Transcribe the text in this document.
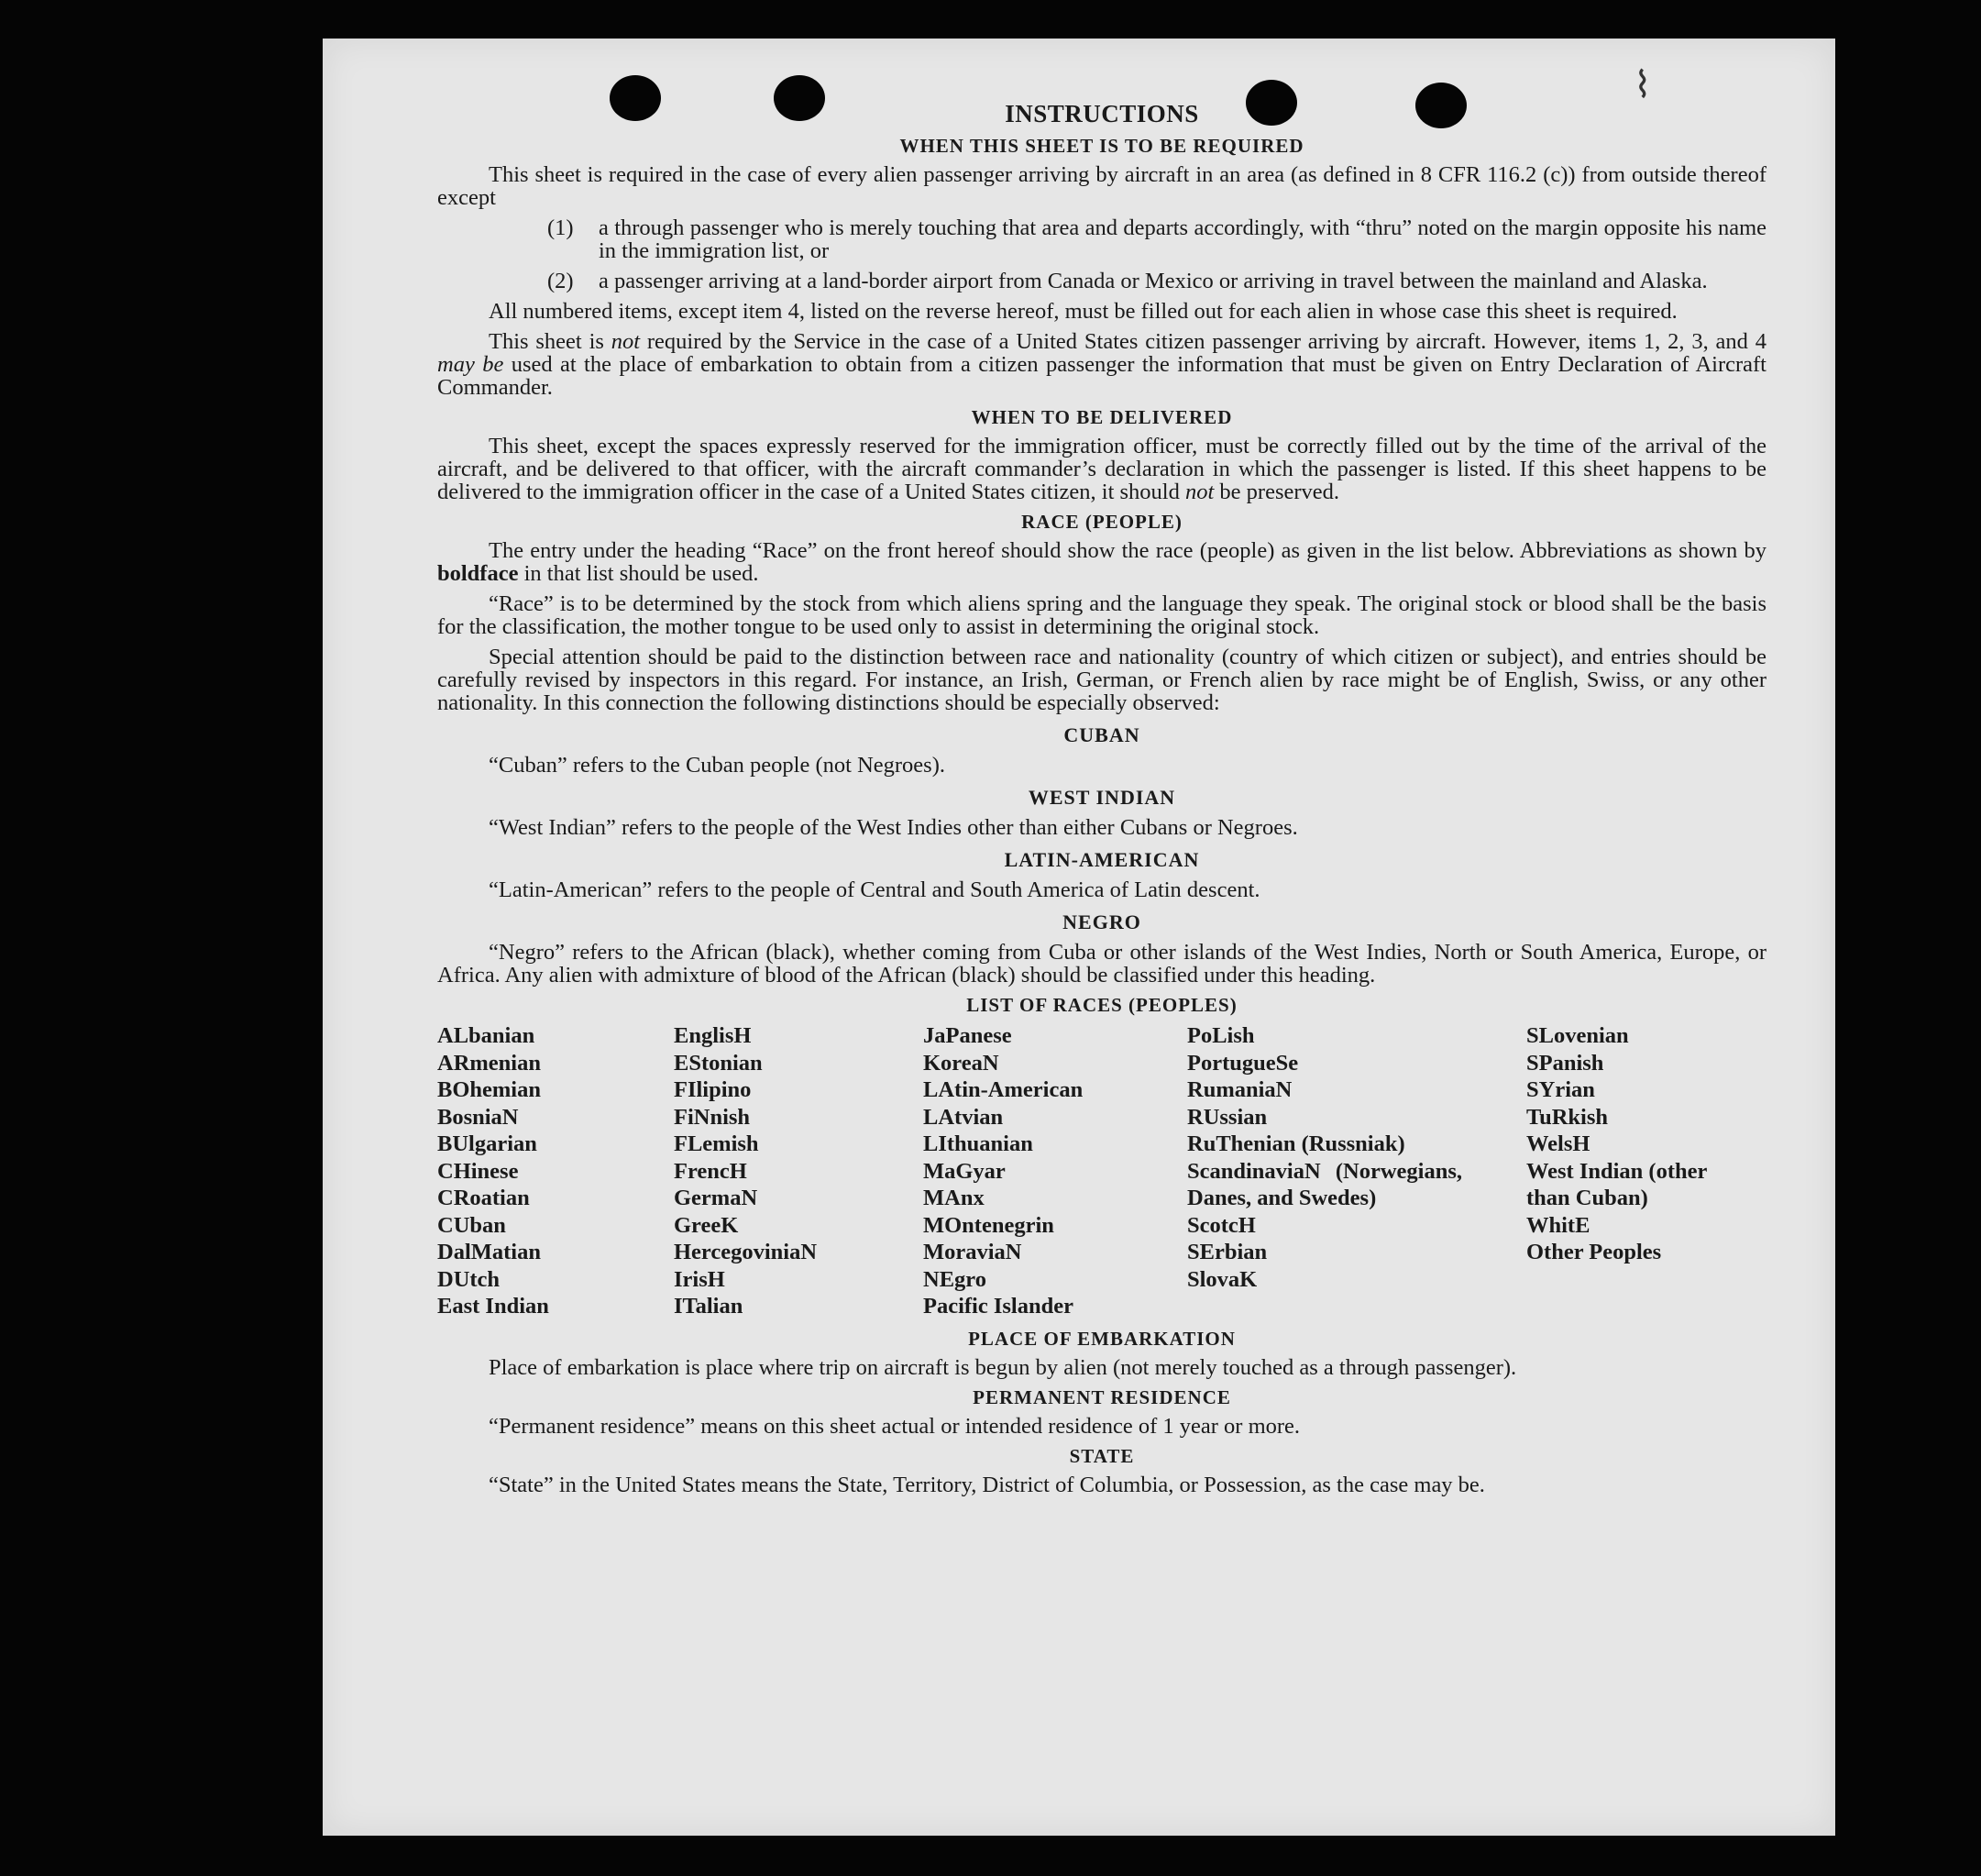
⌇
INSTRUCTIONS
WHEN THIS SHEET IS TO BE REQUIRED

This sheet is required in the case of every alien passenger arriving by aircraft in an area (as defined in 8 CFR 116.2 (c)) from outside thereof except

(1)	a through passenger who is merely touching that area and departs accordingly, with “thru” noted on the margin opposite his name in the immigration list, or
(2)	a passenger arriving at a land-border airport from Canada or Mexico or arriving in travel between the mainland and Alaska.

All numbered items, except item 4, listed on the reverse hereof, must be filled out for each alien in whose case this sheet is required.

This sheet is not required by the Service in the case of a United States citizen passenger arriving by aircraft. However, items 1, 2, 3, and 4 may be used at the place of embarkation to obtain from a citizen passenger the information that must be given on Entry Declaration of Aircraft Commander.

WHEN TO BE DELIVERED

This sheet, except the spaces expressly reserved for the immigration officer, must be correctly filled out by the time of the arrival of the aircraft, and be delivered to that officer, with the aircraft commander’s declaration in which the passenger is listed. If this sheet happens to be delivered to the immigration officer in the case of a United States citizen, it should not be preserved.

RACE (PEOPLE)

The entry under the heading “Race” on the front hereof should show the race (people) as given in the list below. Abbreviations as shown by boldface in that list should be used.

“Race” is to be determined by the stock from which aliens spring and the language they speak. The original stock or blood shall be the basis for the classification, the mother tongue to be used only to assist in determining the original stock.

Special attention should be paid to the distinction between race and nationality (country of which citizen or subject), and entries should be carefully revised by inspectors in this regard. For instance, an Irish, German, or French alien by race might be of English, Swiss, or any other nationality. In this connection the following distinctions should be especially observed:

CUBAN
“Cuban” refers to the Cuban people (not Negroes).
WEST INDIAN
“West Indian” refers to the people of the West Indies other than either Cubans or Negroes.
LATIN-AMERICAN
“Latin-American” refers to the people of Central and South America of Latin descent.
NEGRO

“Negro” refers to the African (black), whether coming from Cuba or other islands of the West Indies, North or South America, Europe, or Africa. Any alien with admixture of blood of the African (black) should be classified under this heading.

LIST OF RACES (PEOPLES)
ALbanian
ARmenian
BOhemian
BosniaN
BUlgarian
CHinese
CRoatian
CUban
DalMatian
DUtch
East Indian
EnglisH
EStonian
FIlipino
FiNnish
FLemish
FrencH
GermaN
GreeK
HercegoviniaN
IrisH
ITalian
JaPanese
KoreaN
LAtin-American
LAtvian
LIthuanian
MaGyar
MAnx
MOntenegrin
MoraviaN
NEgro
Pacific Islander
PoLish
PortugueSe
RumaniaN
RUssian
RuThenian (Russniak)
ScandinaviaN (Norwegians, Danes, and Swedes)
ScotcH
SErbian
SlovaK
SLovenian
SPanish
SYrian
TuRkish
WelsH
West Indian (other than Cuban)
WhitE
Other Peoples
PLACE OF EMBARKATION

Place of embarkation is place where trip on aircraft is begun by alien (not merely touched as a through passenger).

PERMANENT RESIDENCE
“Permanent residence” means on this sheet actual or intended residence of 1 year or more.
STATE

“State” in the United States means the State, Territory, District of Columbia, or Possession, as the case may be.
